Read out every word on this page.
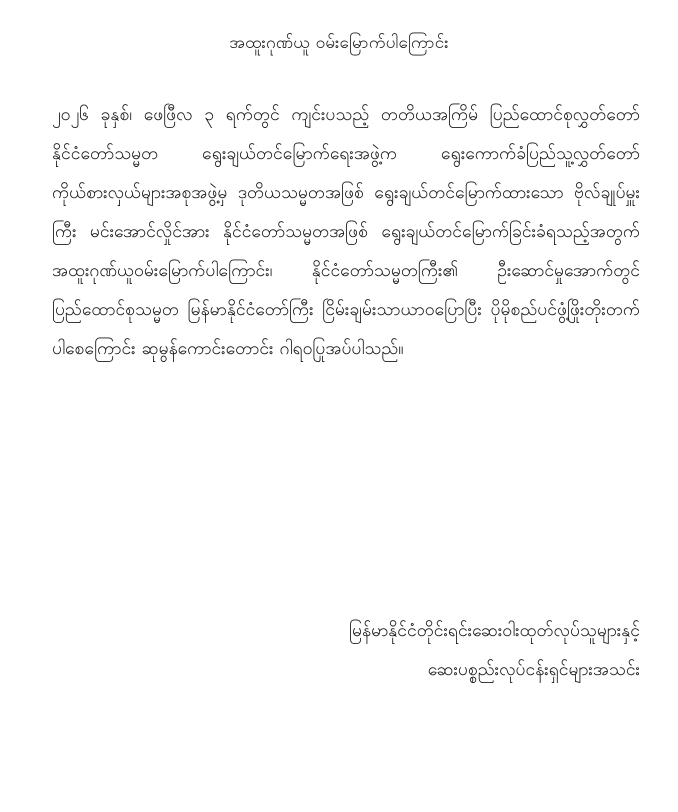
အထူးဂုဏ်ယူ ဝမ်းမြောက်ပါကြောင်း

၂၀၂၆ ခုနှစ်၊ ဖေဖြီလ ၃ ရက်တွင် ကျင်းပသည့် တတိယအကြိမ် ပြည်ထောင်စုလွှတ်တော် နိုင်ငံတော်သမ္မတ ရွေးချယ်တင်မြောက်ရေးအဖွဲ့က ရွေးကောက်ခံပြည်သူ့လွှတ်တော်ကိုယ်စားလှယ်များအစုအဖွဲ့မှ ဒုတိယသမ္မတအဖြစ် ရွေးချယ်တင်မြောက်ထားသော ဗိုလ်ချုပ်မှူးကြီး မင်းအောင်လှိုင်အား နိုင်ငံတော်သမ္မတအဖြစ် ရွေးချယ်တင်မြောက်ခြင်းခံရသည့်အတွက် အထူးဂုဏ်ယူဝမ်းမြောက်ပါကြောင်း၊ နိုင်ငံတော်သမ္မတကြီး၏ ဦးဆောင်မှုအောက်တွင် ပြည်ထောင်စုသမ္မတ မြန်မာနိုင်ငံတော်ကြီး ငြိမ်းချမ်းသာယာဝပြောပြီး ပိုမိုစည်ပင်ဖွံ့ဖြိုးတိုးတက်ပါစေကြောင်း ဆုမွန်ကောင်းတောင်း ဂါရဝပြုအပ်ပါသည်။

မြန်မာနိုင်ငံတိုင်းရင်းဆေးဝါးထုတ်လုပ်သူများနှင့်
ဆေးပစ္စည်းလုပ်ငန်းရှင်များအသင်း
